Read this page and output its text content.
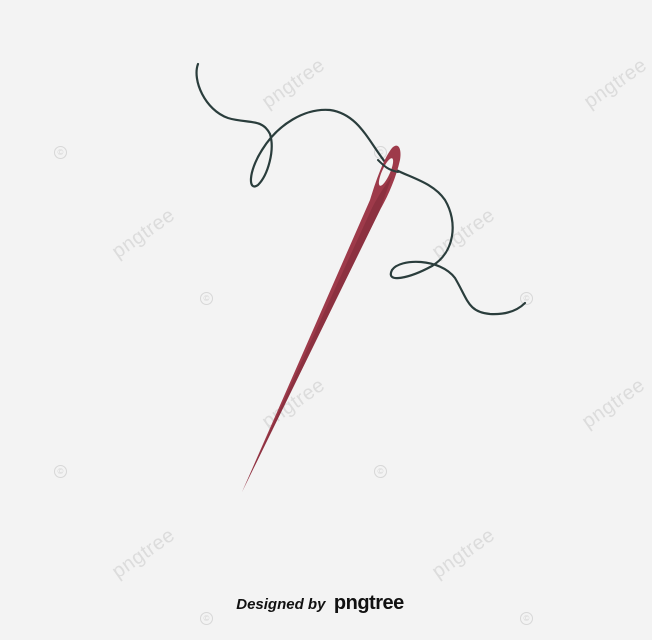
pngtree	pngtree
pngtree	pngtree
pngtree	pngtree
pngtree	pngtree
©	©
©	©
©	©
©	©
Designed by pngtree
